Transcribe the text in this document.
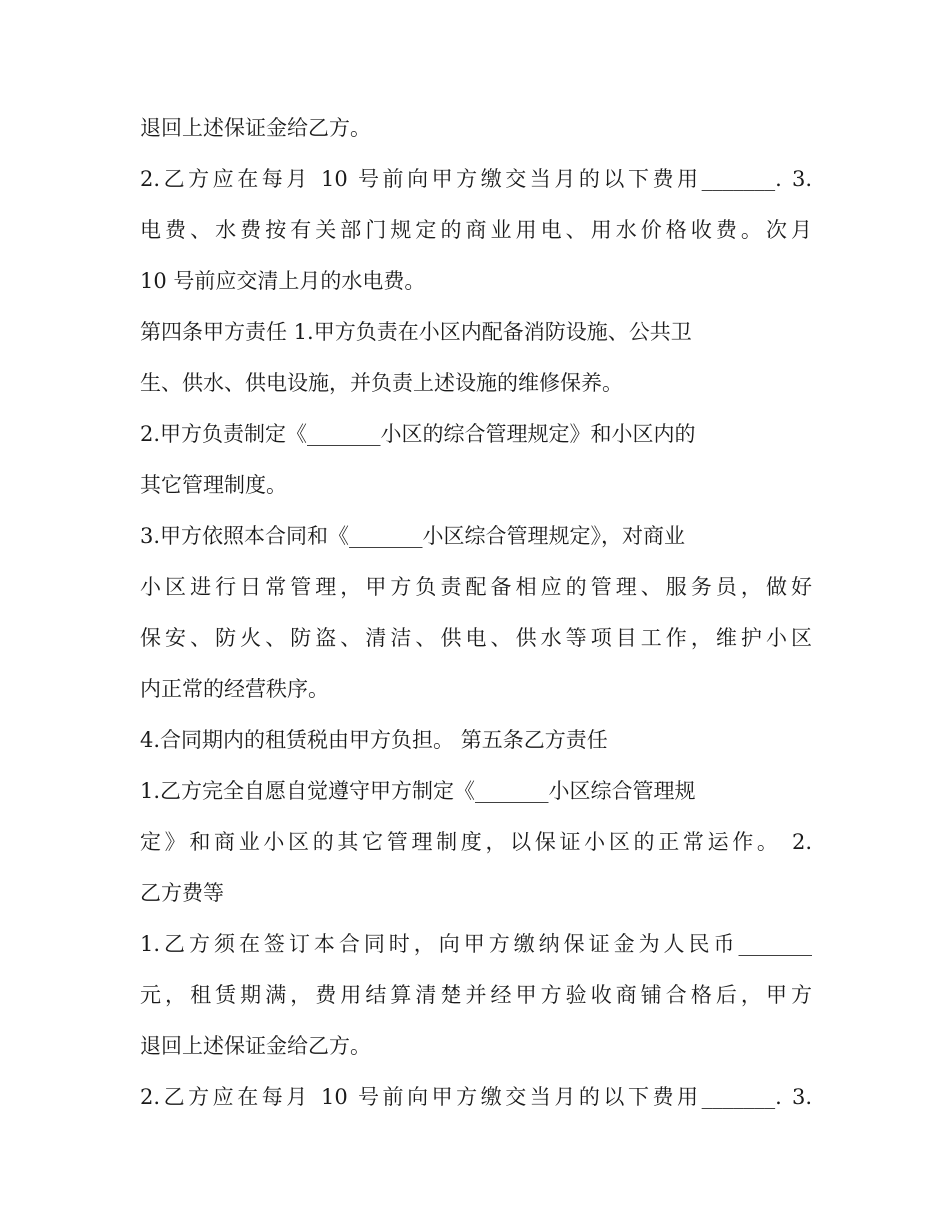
退回上述保证金给乙方。
2.乙方应在每月 10 号前向甲方缴交当月的以下费用_______. 3.
电费、水费按有关部门规定的商业用电、用水价格收费。次月
10 号前应交清上月的水电费。
第四条甲方责任 1.甲方负责在小区内配备消防设施、公共卫
生、供水、供电设施，并负责上述设施的维修保养。
2.甲方负责制定《_______小区的综合管理规定》和小区内的
其它管理制度。
3.甲方依照本合同和《_______小区综合管理规定》，对商业
小区进行日常管理，甲方负责配备相应的管理、服务员，做好
保安、防火、防盗、清洁、供电、供水等项目工作，维护小区
内正常的经营秩序。
4.合同期内的租赁税由甲方负担。 第五条乙方责任
1.乙方完全自愿自觉遵守甲方制定《_______小区综合管理规
定》和商业小区的其它管理制度，以保证小区的正常运作。 2.
乙方费等
1.乙方须在签订本合同时，向甲方缴纳保证金为人民币_______
元，租赁期满，费用结算清楚并经甲方验收商铺合格后，甲方
退回上述保证金给乙方。
2.乙方应在每月 10 号前向甲方缴交当月的以下费用_______. 3.
